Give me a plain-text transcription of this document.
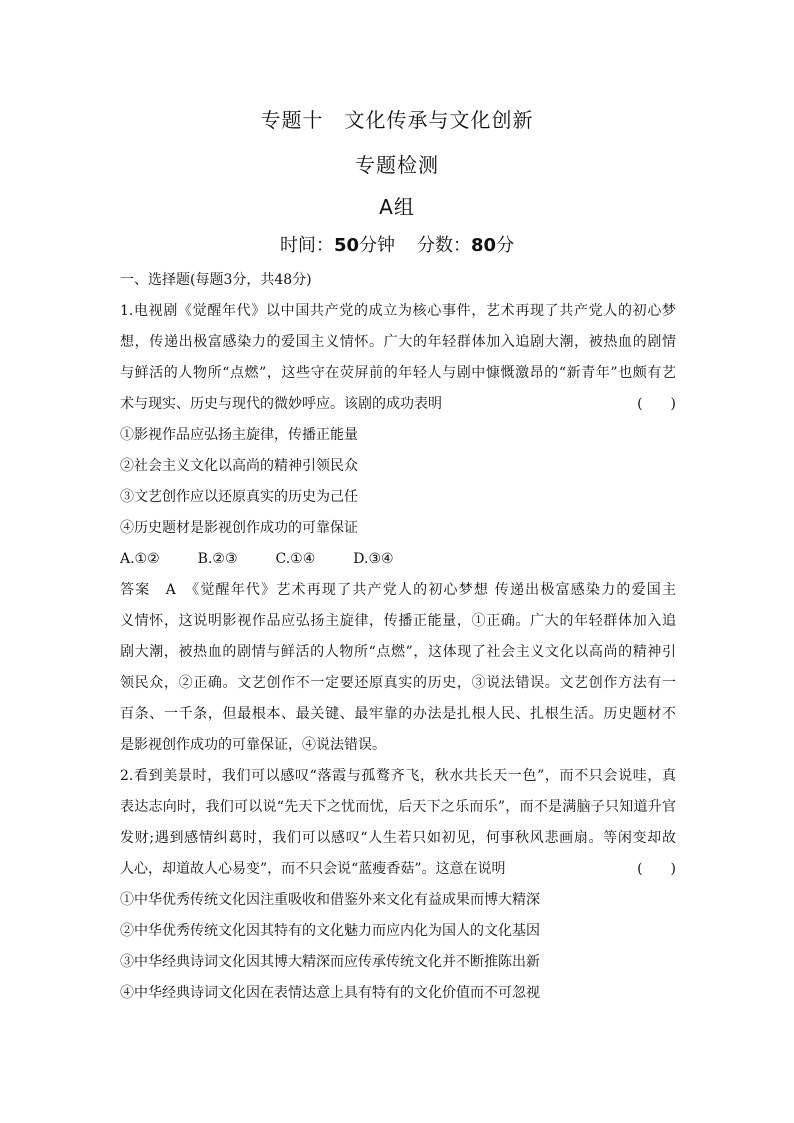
专题十　文化传承与文化创新
专题检测
A组
时间：50分钟 分数：80分
一、选择题(每题3分，共48分)
1.电视剧《觉醒年代》以中国共产党的成立为核心事件，艺术再现了共产党人的初心梦
想，传递出极富感染力的爱国主义情怀。广大的年轻群体加入追剧大潮，被热血的剧情
与鲜活的人物所“点燃”，这些守在荧屏前的年轻人与剧中慷慨激昂的“新青年”也颇有艺
术与现实、历史与现代的微妙呼应。该剧的成功表明	(　　)
①影视作品应弘扬主旋律，传播正能量
②社会主义文化以高尚的精神引领民众
③文艺创作应以还原真实的历史为己任
④历史题材是影视创作成功的可靠保证
A.①②	B.②③	C.①④	D.③④
答案　A　《觉醒年代》艺术再现了共产党人的初心梦想 传递出极富感染力的爱国主
义情怀，这说明影视作品应弘扬主旋律，传播正能量，①正确。广大的年轻群体加入追
剧大潮，被热血的剧情与鲜活的人物所“点燃”，这体现了社会主义文化以高尚的精神引
领民众，②正确。文艺创作不一定要还原真实的历史，③说法错误。文艺创作方法有一
百条、一千条，但最根本、最关键、最牢靠的办法是扎根人民、扎根生活。历史题材不
是影视创作成功的可靠保证，④说法错误。
2.看到美景时，我们可以感叹“落霞与孤鹜齐飞，秋水共长天一色”，而不只会说哇，真
表达志向时，我们可以说“先天下之忧而忧，后天下之乐而乐”，而不是满脑子只知道升官
发财;遇到感情纠葛时，我们可以感叹“人生若只如初见，何事秋风悲画扇。等闲变却故
人心，却道故人心易变”，而不只会说“蓝瘦香菇”。这意在说明	(　　)
①中华优秀传统文化因注重吸收和借鉴外来文化有益成果而博大精深
②中华优秀传统文化因其特有的文化魅力而应内化为国人的文化基因
③中华经典诗词文化因其博大精深而应传承传统文化并不断推陈出新
④中华经典诗词文化因在表情达意上具有特有的文化价值而不可忽视
